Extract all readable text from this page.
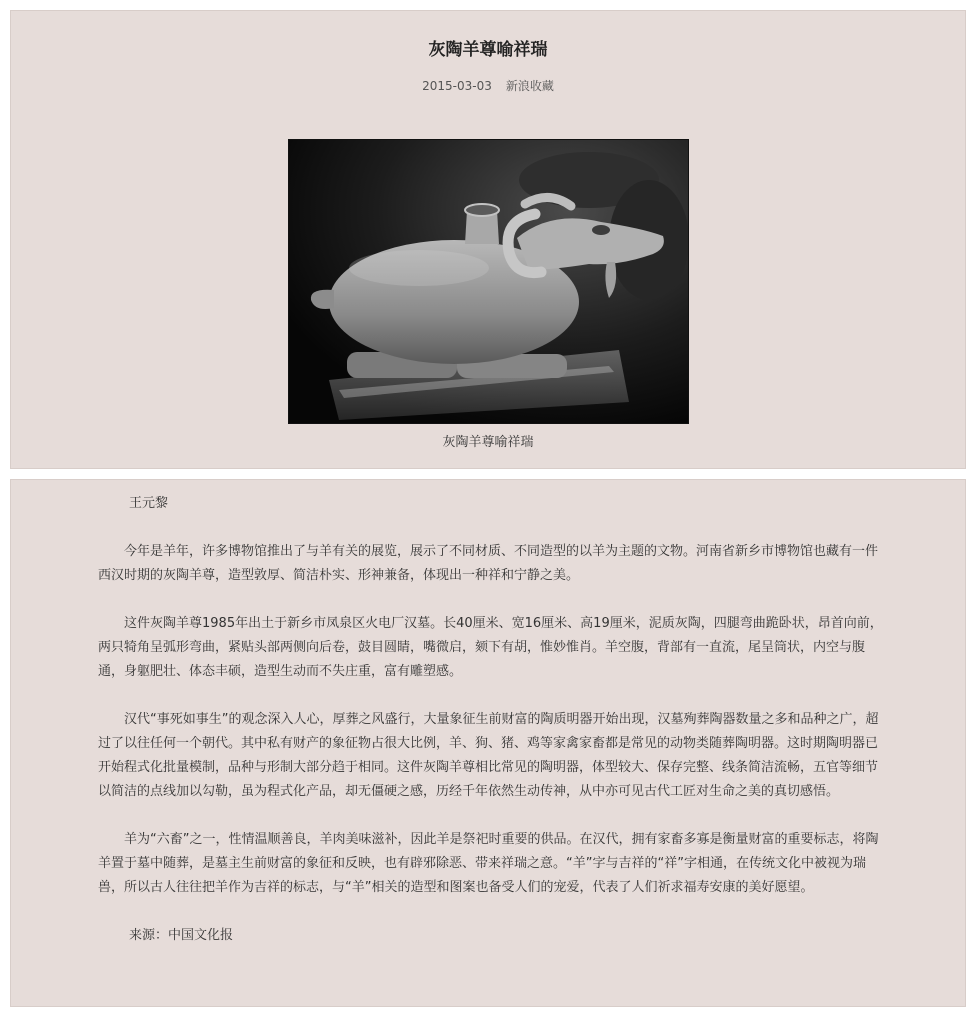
灰陶羊尊喻祥瑞
2015-03-03 新浪收藏
灰陶羊尊喻祥瑞

王元黎

今年是羊年，许多博物馆推出了与羊有关的展览，展示了不同材质、不同造型的以羊为主题的文物。河南省新乡市博物馆也藏有一件西汉时期的灰陶羊尊，造型敦厚、简洁朴实、形神兼备，体现出一种祥和宁静之美。

这件灰陶羊尊1985年出土于新乡市凤泉区火电厂汉墓。长40厘米、宽16厘米、高19厘米，泥质灰陶，四腿弯曲跪卧状，昂首向前，两只犄角呈弧形弯曲，紧贴头部两侧向后卷，鼓目圆睛，嘴微启，颏下有胡，惟妙惟肖。羊空腹，背部有一直流，尾呈筒状，内空与腹通，身躯肥壮、体态丰硕，造型生动而不失庄重，富有雕塑感。

汉代“事死如事生”的观念深入人心，厚葬之风盛行，大量象征生前财富的陶质明器开始出现，汉墓殉葬陶器数量之多和品种之广，超过了以往任何一个朝代。其中私有财产的象征物占很大比例，羊、狗、猪、鸡等家禽家畜都是常见的动物类随葬陶明器。这时期陶明器已开始程式化批量模制，品种与形制大部分趋于相同。这件灰陶羊尊相比常见的陶明器，体型较大、保存完整、线条简洁流畅，五官等细节以简洁的点线加以勾勒，虽为程式化产品，却无僵硬之感，历经千年依然生动传神，从中亦可见古代工匠对生命之美的真切感悟。

羊为“六畜”之一，性情温顺善良，羊肉美味滋补，因此羊是祭祀时重要的供品。在汉代，拥有家畜多寡是衡量财富的重要标志，将陶羊置于墓中随葬，是墓主生前财富的象征和反映，也有辟邪除恶、带来祥瑞之意。“羊”字与吉祥的“祥”字相通，在传统文化中被视为瑞兽，所以古人往往把羊作为吉祥的标志，与“羊”相关的造型和图案也备受人们的宠爱，代表了人们祈求福寿安康的美好愿望。

来源：中国文化报
